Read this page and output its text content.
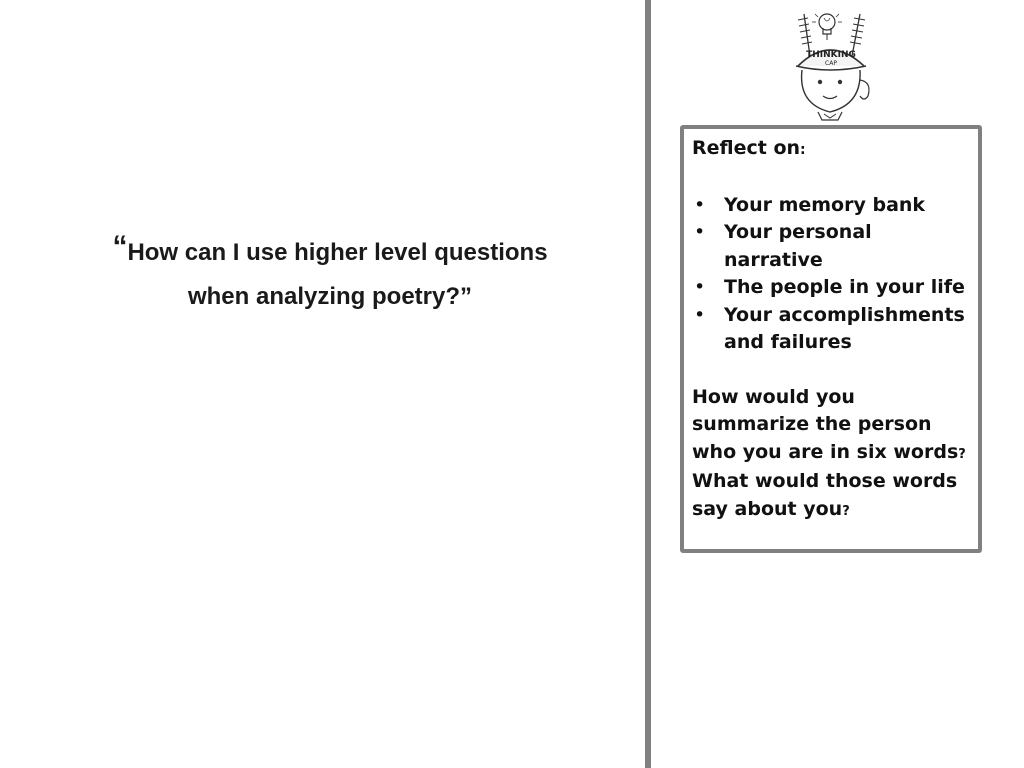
“How can I use higher level questions
when analyzing poetry?”
THINKING
CAP
Reflect on:
• Your memory bank
• Your personal narrative
• The people in your life
• Your accomplishments and failures
How would you summarize the person who you are in six words?  What would those words say about you?
